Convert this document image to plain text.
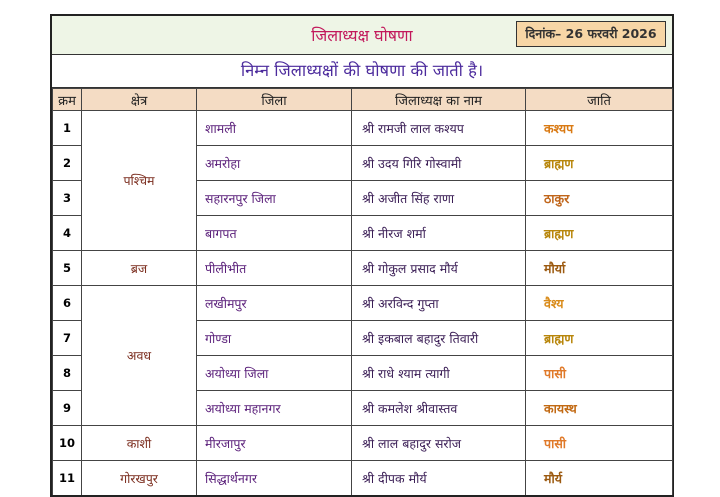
जिलाध्यक्ष घोषणा	दिनांक– 26 फरवरी 2026
निम्न जिलाध्यक्षों की घोषणा की जाती है।
क्रम	क्षेत्र	जिला	जिलाध्यक्ष का नाम	जाति
1	पश्चिम	शामली	श्री रामजी लाल कश्यप	कश्यप
2		अमरोहा	श्री उदय गिरि गोस्वामी	ब्राह्मण
3		सहारनपुर जिला	श्री अजीत सिंह राणा	ठाकुर
4		बागपत	श्री नीरज शर्मा	ब्राह्मण
5	ब्रज	पीलीभीत	श्री गोकुल प्रसाद मौर्य	मौर्या
6	अवध	लखीमपुर	श्री अरविन्द गुप्ता	वैश्य
7		गोण्डा	श्री इकबाल बहादुर तिवारी	ब्राह्मण
8		अयोध्या जिला	श्री राधे श्याम त्यागी	पासी
9		अयोध्या महानगर	श्री कमलेश श्रीवास्तव	कायस्थ
10	काशी	मीरजापुर	श्री लाल बहादुर सरोज	पासी
11	गोरखपुर	सिद्धार्थनगर	श्री दीपक मौर्य	मौर्य
